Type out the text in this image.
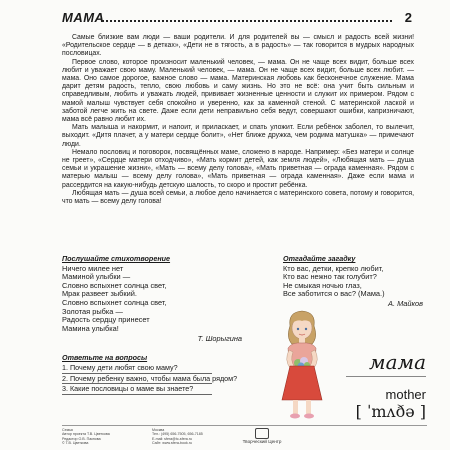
МАМА	2

Самые близкие вам люди — ваши родители. И для родителей вы — смысл и радость всей жизни! «Родительское сердце — в детках», «Дети не в тягость, а в радость» — так говорится в мудрых народных пословицах.

Первое слово, которое произносит маленький человек, — мама. Он не чаще всех видит, больше всех любит и уважает свою маму. Маленький человек, — мама. Он не чаще всех видит, больше всех любит. — мама. Оно самое дорогое, важное слово — мама. Материнская любовь как бесконечное служение. Мама дарит детям радость, тепло, свою любовь и саму жизнь. Но это не всё: она учит быть сильным и справедливым, любить и уважать людей, прививает жизненные ценности и служит их примером. Рядом с мамой малыш чувствует себя спокойно и уверенно, как за каменной стеной. С материнской лаской и заботой легче жить на свете. Даже если дети неправильно себя ведут, совершают ошибки, капризничают, мама всё равно любит их.

Мать малыша и накормит, и напоит, и приласкает, и спать уложит. Если ребёнок заболел, то вылечит, выходит. «Дитя плачет, а у матери сердце болит», «Нет ближе дружка, чем родима матушка» — примечают люди.

Немало пословиц и поговорок, посвящённых маме, сложено в народе. Например: «Без матери и солнце не греет», «Сердце матери отходчиво», «Мать кормит детей, как земля людей», «Любящая мать — душа семьи и украшение жизни», «Мать — всему делу голова», «Мать приветная — ограда каменная». Рядом с матерью малыш — всему делу голова», «Мать приветная — ограда каменная». Даже если мама и рассердится на какую-нибудь детскую шалость, то скоро и простит ребёнка.

Любящая мать — душа всей семьи, а любое дело начинается с материнского совета, потому и говорится, что мать — всему делу голова!

Послушайте стихотворение
Ничего милее нет
Маминой улыбки —
Словно вспыхнет солнца свет,
Мрак развеет зыбкий.
Словно вспыхнет солнца свет,
Золотая рыбка —
Радость сердцу принесет
Мамина улыбка!
Т. Шорыгина
Отгадайте загадку
Кто вас, детки, крепко любит,
Кто вас нежно так голубит?
Не смыкая ночью глаз,
Все заботится о вас? (Мама.)
А. Майков
Ответьте на вопросы
1. Почему дети любят свою маму?
2. Почему ребенку важно, чтобы мама была рядом?
3. Какие пословицы о маме вы знаете?
мама
mother
[ ˈmʌðə ]
Семья
Автор проекта Т.В. Цветкова
Редактор О.В. Пакнова
© Т.В. Цветкова
Москва
Тел.: (495) 656-7505, 656-7185
E-mail: sfera@tc-sfera.ru
Сайт: www.sfera-book.ru	Творческий Центр
